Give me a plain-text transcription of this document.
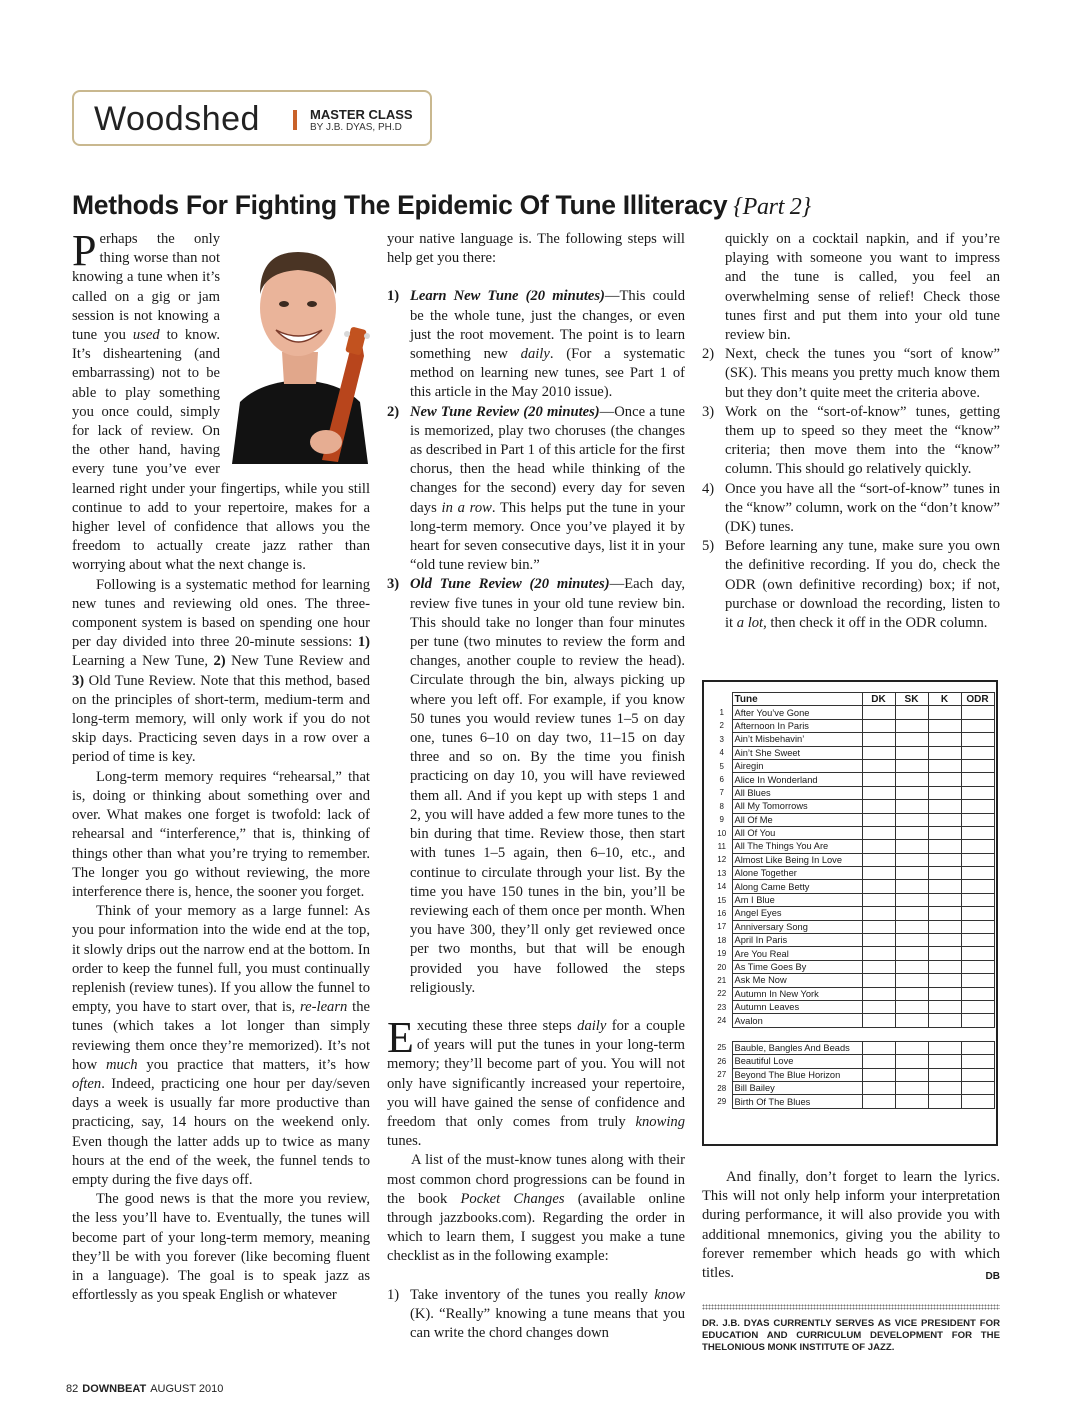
Woodshed	MASTER CLASS
BY J.B. DYAS, PH.D
Methods For Fighting The Epidemic Of Tune Illiteracy {Part 2}

Perhaps the only thing worse than not knowing a tune when it’s called on a gig or jam session is not knowing a tune you used to know. It’s disheartening (and embarrassing) not to be able to play something you once could, simply for lack of review. On the other hand, having every tune you’ve ever learned right under your fingertips, while you still continue to add to your repertoire, makes for a higher level of confidence that allows you the freedom to actually create jazz rather than worrying about what the next change is.

Following is a systematic method for learning new tunes and reviewing old ones. The three-component system is based on spending one hour per day divided into three 20-minute sessions: 1) Learning a New Tune, 2) New Tune Review and 3) Old Tune Review. Note that this method, based on the principles of short-term, medium-term and long-term memory, will only work if you do not skip days. Practicing seven days in a row over a period of time is key.

Long-term memory requires “rehearsal,” that is, doing or thinking about something over and over. What makes one forget is twofold: lack of rehearsal and “interference,” that is, thinking of things other than what you’re trying to remember. The longer you go without reviewing, the more interference there is, hence, the sooner you forget.

Think of your memory as a large funnel: As you pour information into the wide end at the top, it slowly drips out the narrow end at the bottom. In order to keep the funnel full, you must continually replenish (review tunes). If you allow the funnel to empty, you have to start over, that is, re-learn the tunes (which takes a lot longer than simply reviewing them once they’re memorized). It’s not how much you practice that matters, it’s how often. Indeed, practicing one hour per day/seven days a week is usually far more productive than practicing, say, 14 hours on the weekend only. Even though the latter adds up to twice as many hours at the end of the week, the funnel tends to empty during the five days off.

The good news is that the more you review, the less you’ll have to. Eventually, the tunes will become part of your long-term memory, meaning they’ll be with you forever (like becoming fluent in a language). The goal is to speak jazz as effortlessly as you speak English or whatever

your native language is. The following steps will help get you there:

1) Learn New Tune (20 minutes)—This could be the whole tune, just the changes, or even just the root movement. The point is to learn something new daily. (For a systematic method on learning new tunes, see Part 1 of this article in the May 2010 issue).
2) New Tune Review (20 minutes)—Once a tune is memorized, play two choruses (the changes as described in Part 1 of this article for the first chorus, then the head while thinking of the changes for the second) every day for seven days in a row. This helps put the tune in your long-term memory. Once you’ve played it by heart for seven consecutive days, list it in your “old tune review bin.”
3) Old Tune Review (20 minutes)—Each day, review five tunes in your old tune review bin. This should take no longer than four minutes per tune (two minutes to review the form and changes, another couple to review the head). Circulate through the bin, always picking up where you left off. For example, if you know 50 tunes you would review tunes 1–5 on day one, tunes 6–10 on day two, 11–15 on day three and so on. By the time you finish practicing on day 10, you will have reviewed them all. And if you kept up with steps 1 and 2, you will have added a few more tunes to the bin during that time. Review those, then start with tunes 1–5 again, then 6–10, etc., and continue to circulate through your list. By the time you have 150 tunes in the bin, you’ll be reviewing each of them once per month. When you have 300, they’ll only get reviewed once per two months, but that will be enough provided you have followed the steps religiously.

Executing these three steps daily for a couple of years will put the tunes in your long-term memory; they’ll become part of you. You will not only have significantly increased your repertoire, you will have gained the sense of confidence and freedom that only comes from truly knowing tunes.

A list of the must-know tunes along with their most common chord progressions can be found in the book Pocket Changes (available online through jazzbooks.com). Regarding the order in which to learn them, I suggest you make a tune checklist as in the following example:

1) Take inventory of the tunes you really know (K). “Really” knowing a tune means that you can write the chord changes down

quickly on a cocktail napkin, and if you’re playing with someone you want to impress and the tune is called, you feel an overwhelming sense of relief! Check those tunes first and put them into your old tune review bin.

2) Next, check the tunes you “sort of know” (SK). This means you pretty much know them but they don’t quite meet the criteria above.
3) Work on the “sort-of-know” tunes, getting them up to speed so they meet the “know” criteria; then move them into the “know” column. This should go relatively quickly.
4) Once you have all the “sort-of-know” tunes in the “know” column, work on the “don’t know” (DK) tunes.
5) Before learning any tune, make sure you own the definitive recording. If you do, check the ODR (own definitive recording) box; if not, purchase or download the recording, listen to it a lot, then check it off in the ODR column.
	Tune	DK	SK	K	ODR
1	After You’ve Gone				
2	Afternoon In Paris				
3	Ain’t Misbehavin’				
4	Ain’t She Sweet				
5	Airegin				
6	Alice In Wonderland				
7	All Blues				
8	All My Tomorrows				
9	All Of Me				
10	All Of You				
11	All The Things You Are				
12	Almost Like Being In Love				
13	Alone Together				
14	Along Came Betty				
15	Am I Blue				
16	Angel Eyes				
17	Anniversary Song				
18	April In Paris				
19	Are You Real				
20	As Time Goes By				
21	Ask Me Now				
22	Autumn In New York				
23	Autumn Leaves				
24	Avalon				

25	Bauble, Bangles And Beads				
26	Beautiful Love				
27	Beyond The Blue Horizon				
28	Bill Bailey				
29	Birth Of The Blues				

And finally, don’t forget to learn the lyrics. This will not only help inform your interpretation during performance, it will also provide you with additional mnemonics, giving you the ability to forever remember which heads go with which titles.	DB

DR. J.B. DYAS CURRENTLY SERVES AS VICE PRESIDENT FOR EDUCATION AND CURRICULUM DEVELOPMENT FOR THE THELONIOUS MONK INSTITUTE OF JAZZ.
82 DOWNBEAT AUGUST 2010
